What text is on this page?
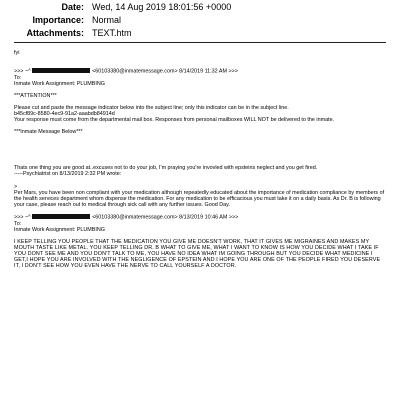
Date: Wed, 14 Aug 2019 18:01:56 +0000
Importance: Normal
Attachments: TEXT.htm

fyi

>>> ~^	<60103380@inmatemessage.com> 8/14/2019 11:32 AM >>>

To:

Inmate Work Assignment: PLUMBING

***ATTENTION***

Please cut and paste the message indicator below into the subject line; only this indicator can be in the subject line.

b45cf89c-8580-4ec9-91a2-aaabdb84914d

Your response must come from the departmental mail box. Responses from personal mailboxes WILL NOT be delivered to the inmate.

***Inmate Message Below***

Thats one thing you are good at..excuses not to do your job, I'm praying you're invovled with epsteins neglect and you get fired.

-----Psychiatrist on 8/13/2019 2:32 PM wrote:

>

Per Mars, you have been non compliant with your medication although repeatedly educated about the importance of medication compliance by members of the health services department whom dispense the medication. For any medication to be efficacious you must take it on a daily basis. As Dr. B is following your case, please reach out to medical through sick call with any further issues. Good Day.

>>> ~^	<60103380@inmatemessage.com> 8/13/2019 10:46 AM >>>

To:

Inmate Work Assignment: PLUMBING

I KEEP TELLING YOU PEOPLE THAT THE MEDICATION YOU GIVE ME DOESN'T WORK, THAT IT GIVES ME MIGRAINES AND MAKES MY MOUTH TASTE LIKE METAL. YOU KEEP TELLING DR. B WHAT TO GIVE ME, WHAT I WANT TO KNOW IS HOW YOU DECIDE WHAT I TAKE IF YOU DONT SEE ME AND YOU DON'T TALK TO ME, YOU HAVE NO IDEA WHAT IM GOING THROUGH BUT YOU DECIDE WHAT MEDICINE I GET,I HOPE YOU ARE INVOLVED WITH THE NEGLIGENCE OF EPSTEIN AND I HOPE YOU ARE ONE OF THE PEOPLE FIRED YOU DESERVE IT, I DON'T SEE HOW YOU EVEN HAVE THE NERVE TO CALL YOURSELF A DOCTOR.
